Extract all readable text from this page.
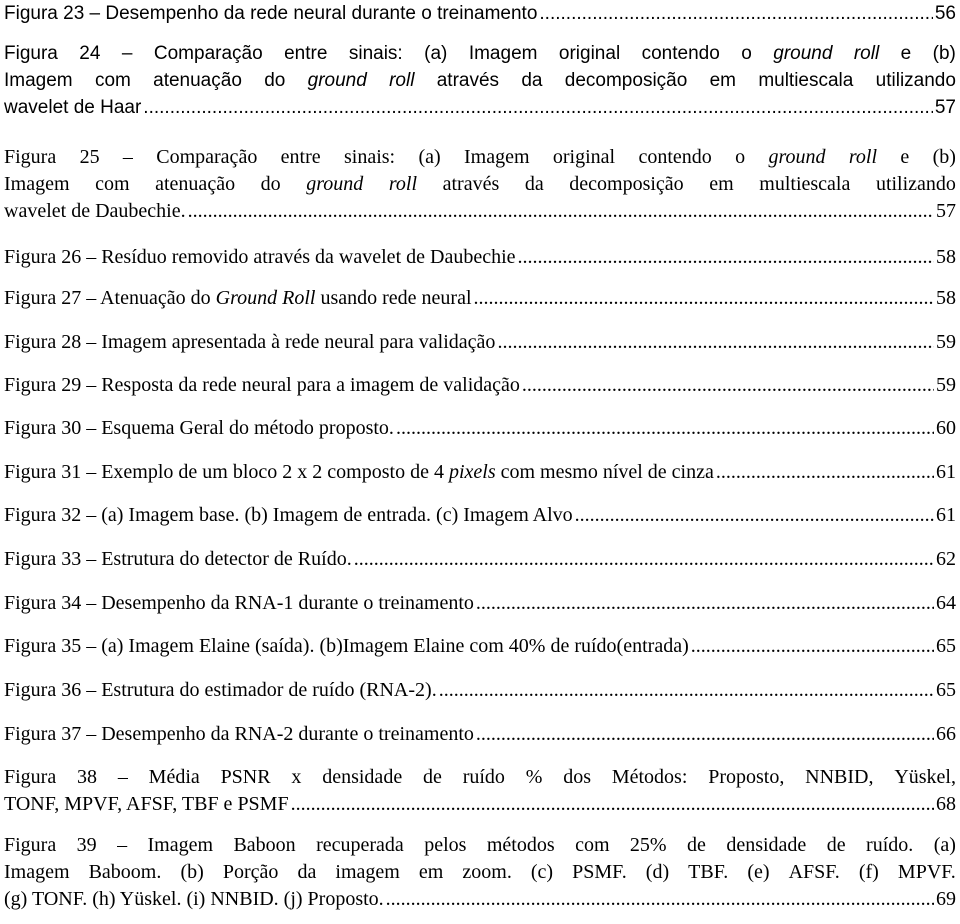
Figura 23 – Desempenho da rede neural durante o treinamento .....	56
Figura 24 – Comparação entre sinais: (a) Imagem original contendo o ground roll e (b)
Imagem com atenuação do ground roll através da decomposição em multiescala utilizando
wavelet de Haar .....	57
Figura 25 – Comparação entre sinais: (a) Imagem original contendo o ground roll e (b)
Imagem com atenuação do ground roll através da decomposição em multiescala utilizando
wavelet de Daubechie. .....	57
Figura 26 – Resíduo removido através da wavelet de Daubechie .....	58
Figura 27 – Atenuação do Ground Roll usando rede neural .....	58
Figura 28 – Imagem apresentada à rede neural para validação .....	59
Figura 29 – Resposta da rede neural para a imagem de validação .....	59
Figura 30 – Esquema Geral do método proposto. .....	60
Figura 31 – Exemplo de um bloco 2 x 2 composto de 4 pixels com mesmo nível de cinza .....	61
Figura 32 – (a) Imagem base. (b) Imagem de entrada. (c) Imagem Alvo .....	61
Figura 33 – Estrutura do detector de Ruído. .....	62
Figura 34 – Desempenho da RNA-1 durante o treinamento .....	64
Figura 35 – (a) Imagem Elaine (saída). (b)Imagem Elaine com 40% de ruído(entrada) .....	65
Figura 36 – Estrutura do estimador de ruído (RNA-2). .....	65
Figura 37 – Desempenho da RNA-2 durante o treinamento .....	66
Figura 38 – Média PSNR x densidade de ruído % dos Métodos: Proposto, NNBID, Yüskel,
TONF, MPVF, AFSF, TBF e PSMF .....	68
Figura 39 – Imagem Baboon recuperada pelos métodos com 25% de densidade de ruído. (a)
Imagem Baboom. (b) Porção da imagem em zoom. (c) PSMF. (d) TBF. (e) AFSF. (f) MPVF.
(g) TONF. (h) Yüskel. (i) NNBID. (j) Proposto. .....	69
